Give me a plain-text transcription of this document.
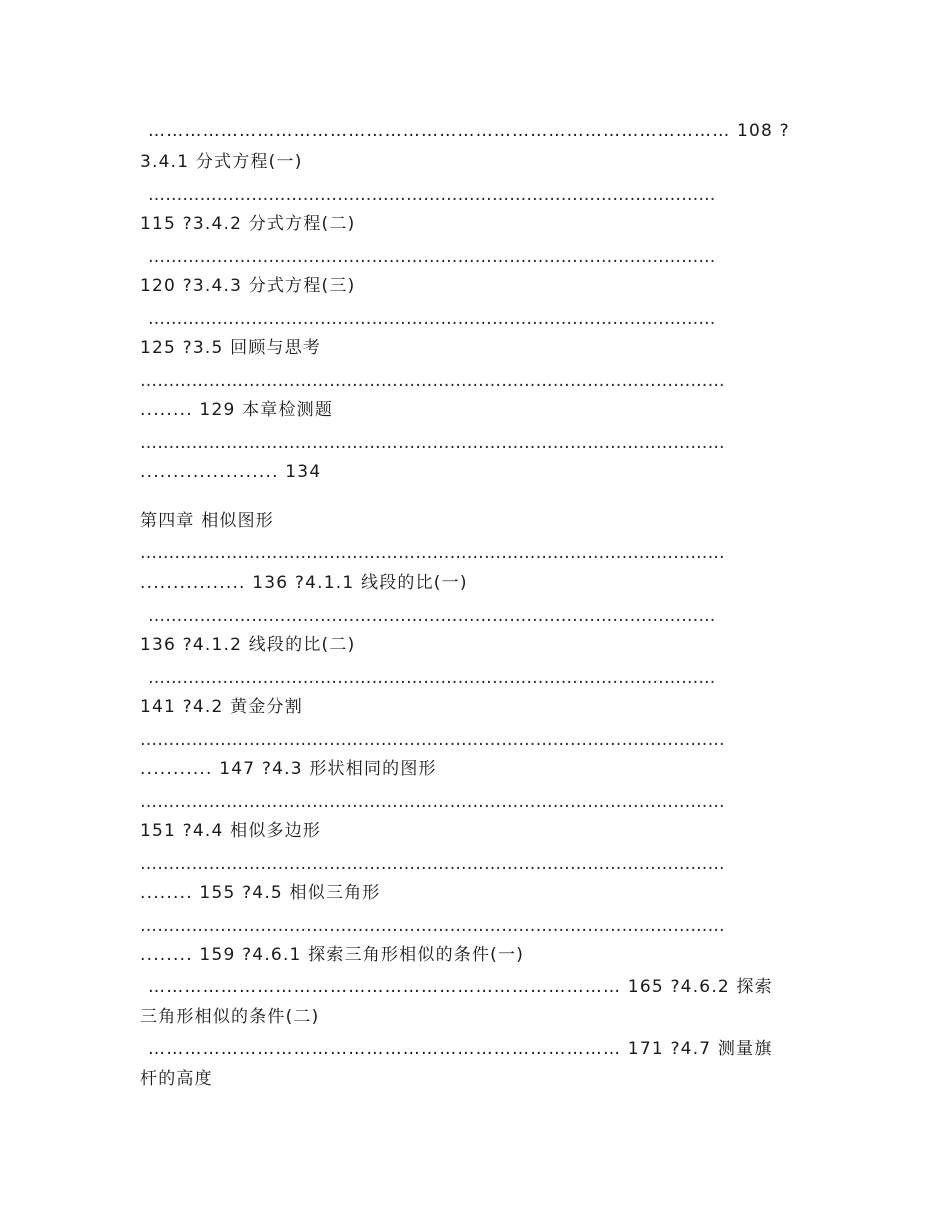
…………………………………………………………………………………… 108 ?
3.4.1 分式方程(一)
………………………………………………………………………………………
115 ?3.4.2 分式方程(二)
………………………………………………………………………………………
120 ?3.4.3 分式方程(三)
………………………………………………………………………………………
125 ?3.5 回顾与思考
…………………………………………………………………………………………
........ 129 本章检测题
…………………………………………………………………………………………
..................... 134
第四章 相似图形
…………………………………………………………………………………………
................ 136 ?4.1.1 线段的比(一)
………………………………………………………………………………………
136 ?4.1.2 线段的比(二)
………………………………………………………………………………………
141 ?4.2 黄金分割
…………………………………………………………………………………………
........... 147 ?4.3 形状相同的图形
…………………………………………………………………………………………
151 ?4.4 相似多边形
…………………………………………………………………………………………
........ 155 ?4.5 相似三角形
…………………………………………………………………………………………
........ 159 ?4.6.1 探索三角形相似的条件(一)
…………………………………………………………………… 165 ?4.6.2 探索
三角形相似的条件(二)
…………………………………………………………………… 171 ?4.7 测量旗
杆的高度
